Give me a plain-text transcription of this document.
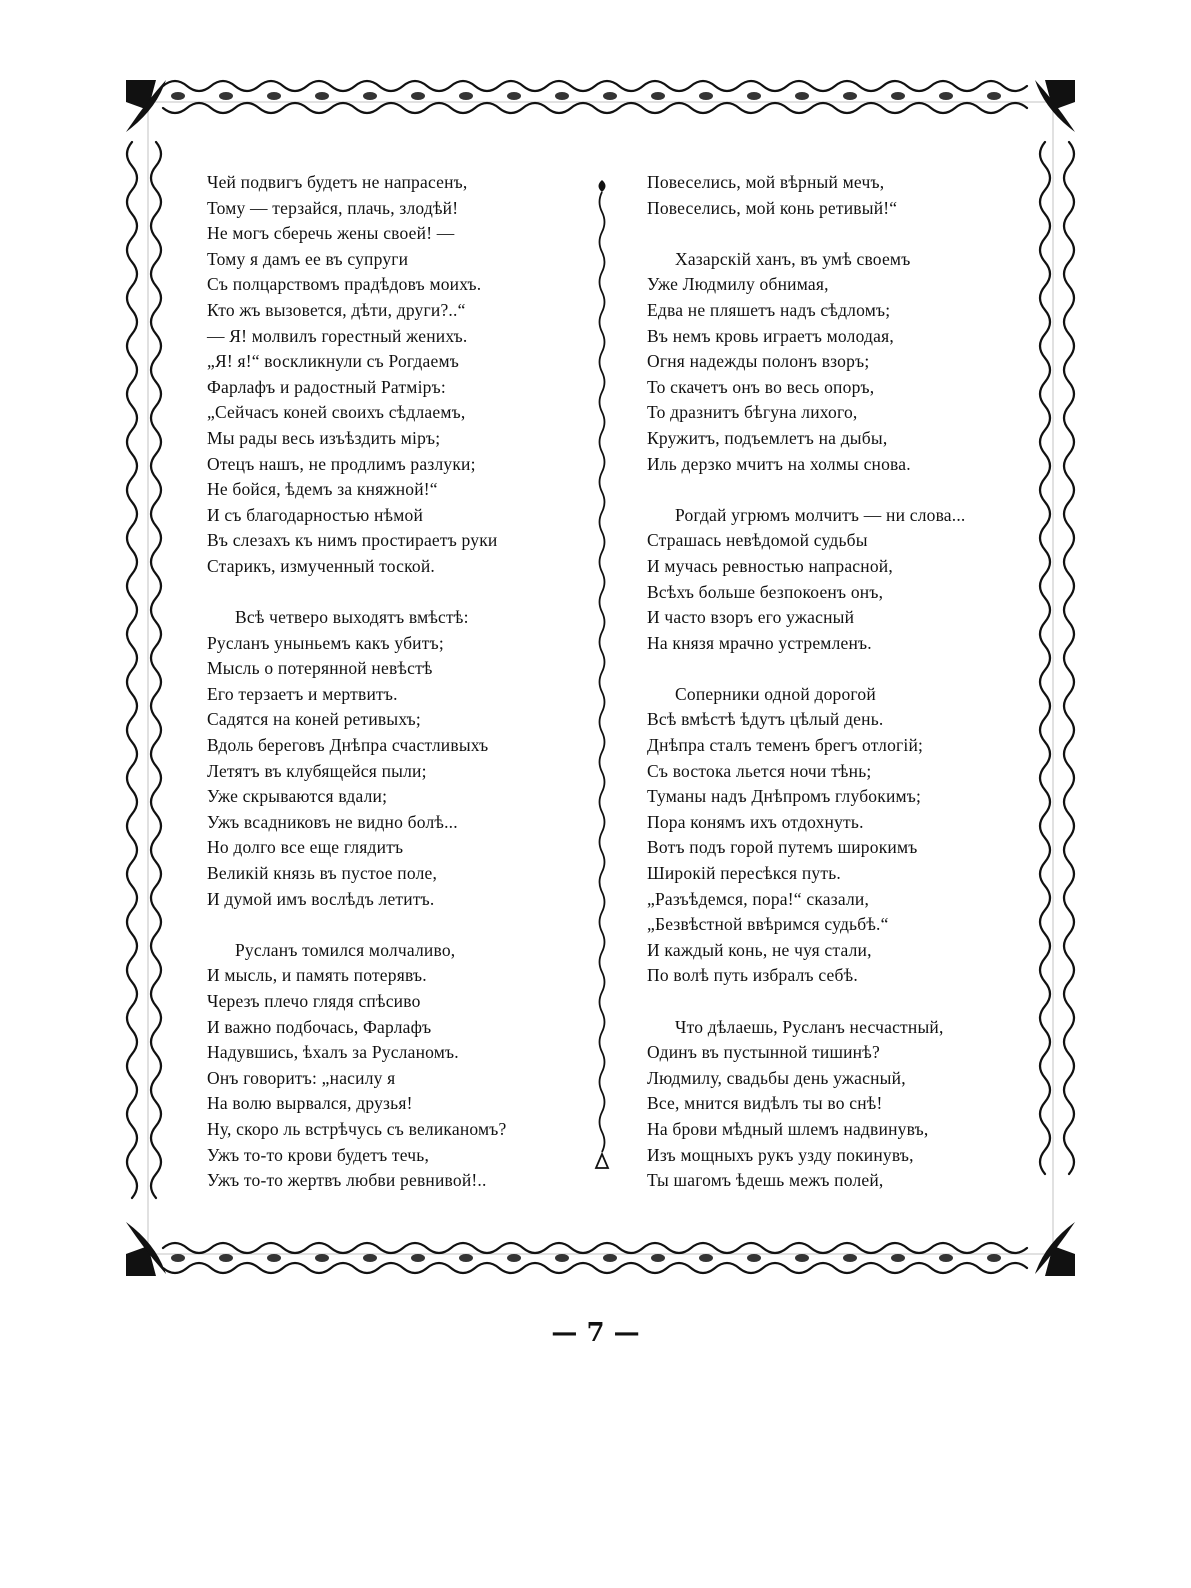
Чей подвигъ будетъ не напрасенъ,
Тому — терзайся, плачь, злодѣй!
Не могъ сберечь жены своей! —
Тому я дамъ ее въ супруги
Съ полцарствомъ прадѣдовъ моихъ.
Кто жъ вызовется, дѣти, други?..“
— Я! молвилъ горестный женихъ.
„Я! я!“ воскликнули съ Рогдаемъ
Фарлафъ и радостный Ратміръ:
„Сейчасъ коней своихъ сѣдлаемъ,
Мы рады весь изъѣздить міръ;
Отецъ нашъ, не продлимъ разлуки;
Не бойся, ѣдемъ за княжной!“
И съ благодарностью нѣмой
Въ слезахъ къ нимъ простираетъ руки
Старикъ, измученный тоской.
Всѣ четверо выходятъ вмѣстѣ:
Русланъ уныньемъ какъ убитъ;
Мысль о потерянной невѣстѣ
Его терзаетъ и мертвитъ.
Садятся на коней ретивыхъ;
Вдоль береговъ Днѣпра счастливыхъ
Летятъ въ клубящейся пыли;
Уже скрываются вдали;
Ужъ всадниковъ не видно болѣ...
Но долго все еще глядитъ
Великій князь въ пустое поле,
И думой имъ вослѣдъ летитъ.
Русланъ томился молчаливо,
И мысль, и память потерявъ.
Черезъ плечо глядя спѣсиво
И важно подбочась, Фарлафъ
Надувшись, ѣхалъ за Русланомъ.
Онъ говоритъ: „насилу я
На волю вырвался, друзья!
Ну, скоро ль встрѣчусь съ великаномъ?
Ужъ то-то крови будетъ течь,
Ужъ то-то жертвъ любви ревнивой!..
Повеселись, мой вѣрный мечъ,
Повеселись, мой конь ретивый!“
Хазарскій ханъ, въ умѣ своемъ
Уже Людмилу обнимая,
Едва не пляшетъ надъ сѣдломъ;
Въ немъ кровь играетъ молодая,
Огня надежды полонъ взоръ;
То скачетъ онъ во весь опоръ,
То дразнитъ бѣгуна лихого,
Кружитъ, подъемлетъ на дыбы,
Иль дерзко мчитъ на холмы снова.
Рогдай угрюмъ молчитъ — ни слова...
Страшась невѣдомой судьбы
И мучась ревностью напрасной,
Всѣхъ больше безпокоенъ онъ,
И часто взоръ его ужасный
На князя мрачно устремленъ.
Соперники одной дорогой
Всѣ вмѣстѣ ѣдутъ цѣлый день.
Днѣпра сталъ теменъ брегъ отлогій;
Съ востока льется ночи тѣнь;
Туманы надъ Днѣпромъ глубокимъ;
Пора конямъ ихъ отдохнуть.
Вотъ подъ горой путемъ широкимъ
Широкій пересѣкся путь.
„Разъѣдемся, пора!“ сказали,
„Безвѣстной ввѣримся судьбѣ.“
И каждый конь, не чуя стали,
По волѣ путь избралъ себѣ.
Что дѣлаешь, Русланъ несчастный,
Одинъ въ пустынной тишинѣ?
Людмилу, свадьбы день ужасный,
Все, мнится видѣлъ ты во снѣ!
На брови мѣдный шлемъ надвинувъ,
Изъ мощныхъ рукъ узду покинувъ,
Ты шагомъ ѣдешь межъ полей,
— 7 —
